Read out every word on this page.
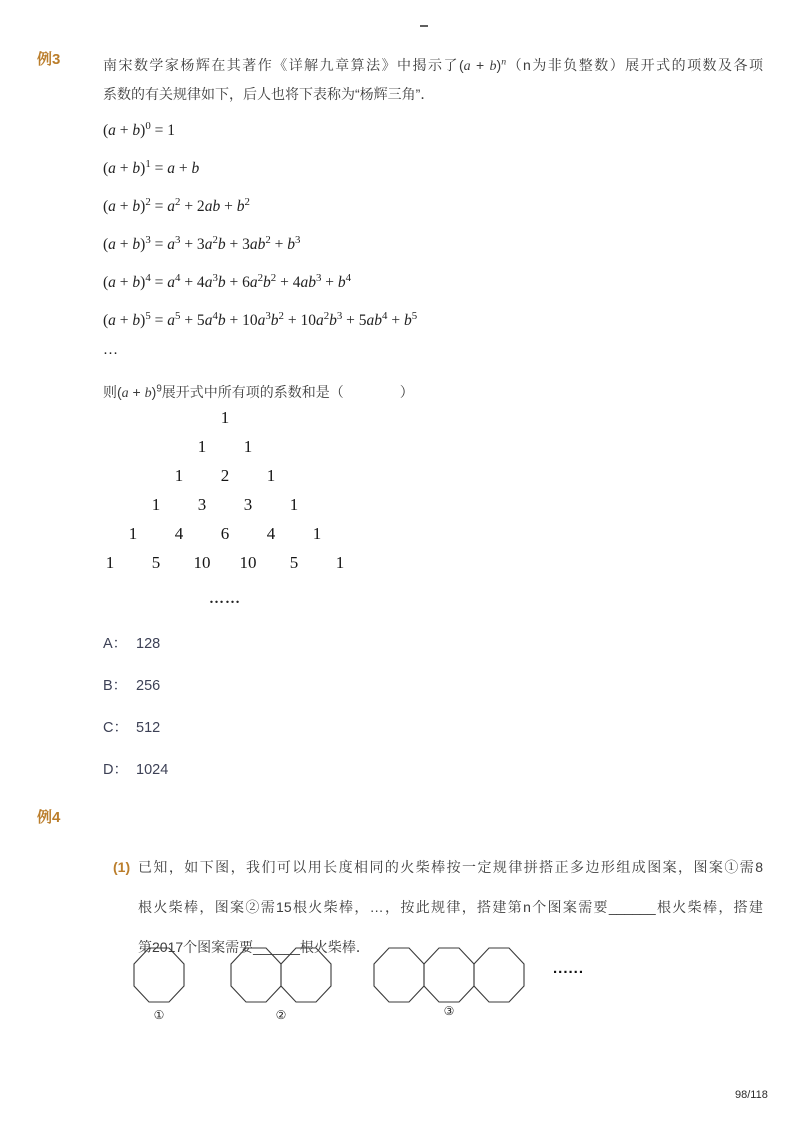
例3	南宋数学家杨辉在其著作《详解九章算法》中揭示了$(a + b)^n(n$为非负整数）展开式的项数及各项
系数的有关规律如下，后人也将下表称为“杨辉三角”．
$(a + b)^0 = 1$
$(a + b)^1 = a + b$
$(a + b)^2 = a^2 + 2ab + b^2$
$(a + b)^3 = a^3 + 3a^2b + 3ab^2 + b^3$
$(a + b)^4 = a^4 + 4a^3b + 6a^2b^2 + 4ab^3 + b^4$
$(a + b)^5 = a^5 + 5a^4b + 10a^3b^2 + 10a^2b^3 + 5ab^4 + b^5$
…
则$(a + b)^9$展开式中所有项的系数和是（　　　　）
1
1	1
1	2	1
1	3	3	1
1	4	6	4	1
1	5	10	10	5	1
……
A： 128
B： 256
C： 512
D： 1024
例4
(1) 已知，如下图，我们可以用长度相同的火柴棒按一定规律拼搭正多边形组成图案，图案①需8
根火柴棒，图案②需15根火柴棒，…，按此规律，搭建第n个图案需要______根火柴棒，搭建
第2017个图案需要______根火柴棒．
......
98/118
①	②	③
